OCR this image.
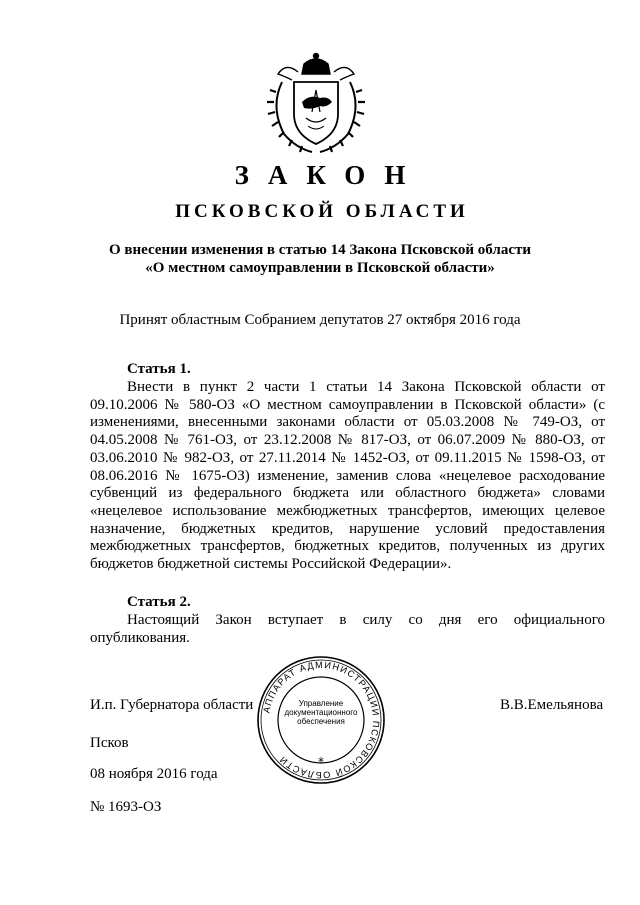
ЗАКОН
ПСКОВСКОЙ ОБЛАСТИ
О внесении изменения в статью 14 Закона Псковской области
«О местном самоуправлении в Псковской области»
Принят областным Собранием депутатов 27 октября 2016 года
Статья 1.

Внести в пункт 2 части 1 статьи 14 Закона Псковской области от 09.10.2006 № 580-ОЗ «О местном самоуправлении в Псковской области» (с изменениями, внесенными законами области от 05.03.2008 № 749-ОЗ, от 04.05.2008 № 761-ОЗ, от 23.12.2008 № 817-ОЗ, от 06.07.2009 № 880-ОЗ, от 03.06.2010 № 982-ОЗ, от 27.11.2014 № 1452-ОЗ, от 09.11.2015 № 1598-ОЗ, от 08.06.2016 № 1675-ОЗ) изменение, заменив слова «нецелевое расходование субвенций из федерального бюджета или областного бюджета» словами «нецелевое использование межбюджетных трансфертов, имеющих целевое назначение, бюджетных кредитов, нарушение условий предоставления межбюджетных трансфертов, бюджетных кредитов, полученных из других бюджетов бюджетной системы Российской Федерации».

Статья 2.

Настоящий Закон вступает в силу со дня его официального опубликования.

И.п. Губернатора области	В.В.Емельянова
АППАРАТ АДМИНИСТРАЦИИ ПСКОВСКОЙ ОБЛАСТИ	*
Управление
документационного
обеспечения
Псков
08 ноября 2016 года
№ 1693-ОЗ
